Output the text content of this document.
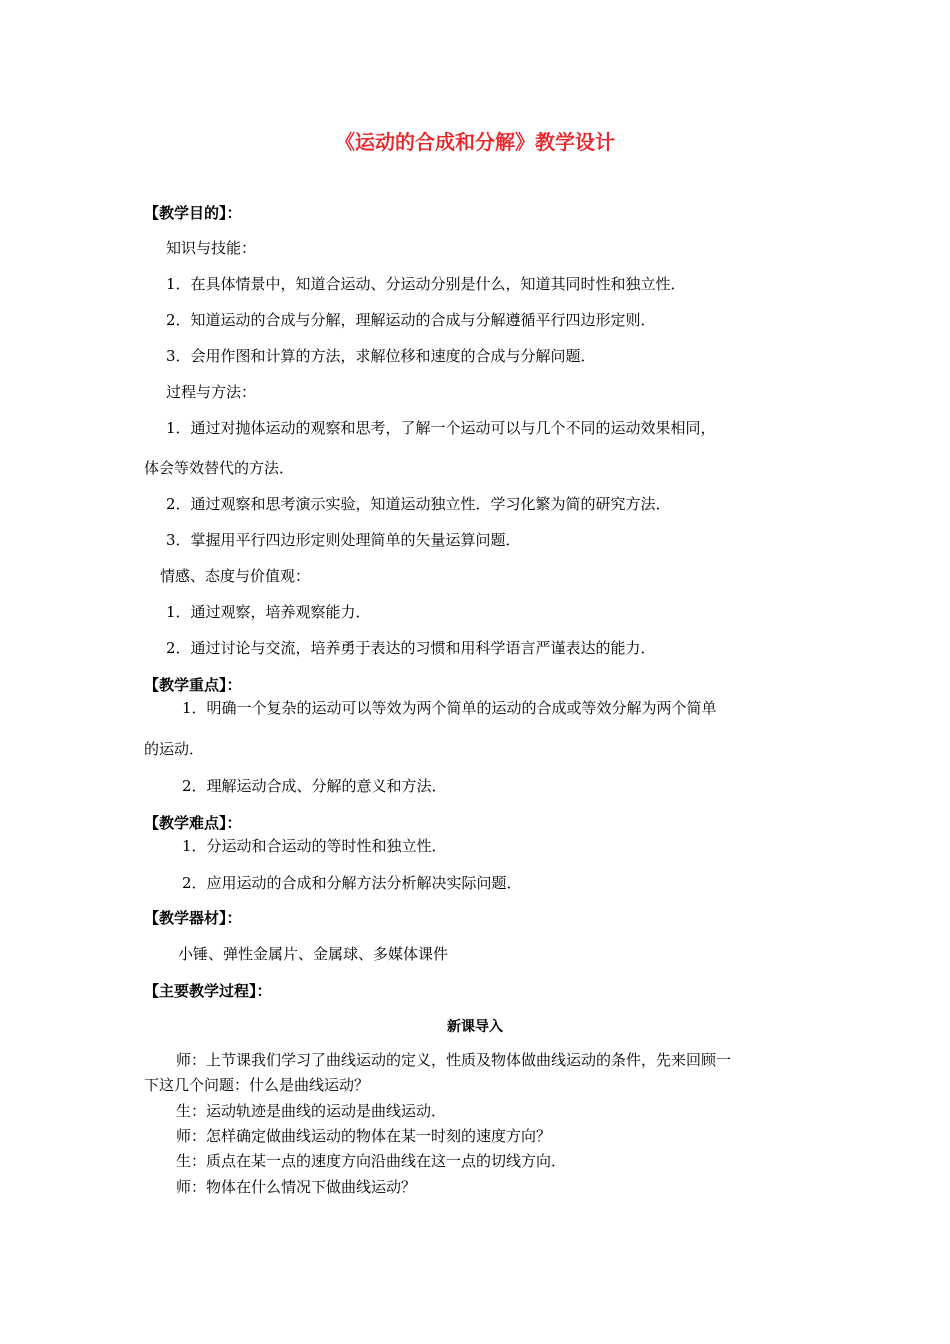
《运动的合成和分解》教学设计
【教学目的】：
知识与技能：
1．在具体情景中，知道合运动、分运动分别是什么，知道其同时性和独立性．
2．知道运动的合成与分解，理解运动的合成与分解遵循平行四边形定则．
3．会用作图和计算的方法，求解位移和速度的合成与分解问题．
过程与方法：
1．通过对抛体运动的观察和思考，了解一个运动可以与几个不同的运动效果相同，
体会等效替代的方法．
2．通过观察和思考演示实验，知道运动独立性．学习化繁为简的研究方法．
3．掌握用平行四边形定则处理简单的矢量运算问题．
情感、态度与价值观：
1．通过观察，培养观察能力．
2．通过讨论与交流，培养勇于表达的习惯和用科学语言严谨表达的能力．
【教学重点】：
1．明确一个复杂的运动可以等效为两个简单的运动的合成或等效分解为两个简单
的运动．
2．理解运动合成、分解的意义和方法．
【教学难点】：
1．分运动和合运动的等时性和独立性．
2．应用运动的合成和分解方法分析解决实际问题．
【教学器材】：
小锤、弹性金属片、金属球、多媒体课件
【主要教学过程】：
新课导入
师：上节课我们学习了曲线运动的定义，性质及物体做曲线运动的条件，先来回顾一
下这几个问题：什么是曲线运动？
生：运动轨迹是曲线的运动是曲线运动．
师：怎样确定做曲线运动的物体在某一时刻的速度方向？
生：质点在某一点的速度方向沿曲线在这一点的切线方向．
师：物体在什么情况下做曲线运动？
